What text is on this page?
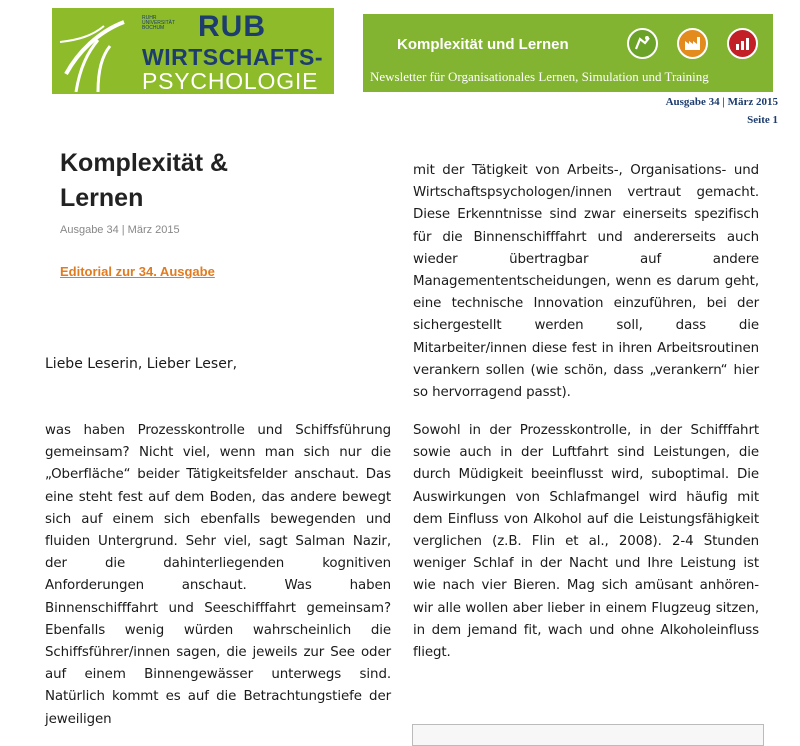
RUHR
UNIVERSITÄT
BOCHUM	RUB
WIRTSCHAFTS-
PSYCHOLOGIE
Komplexität und Lernen
Newsletter für Organisationales Lernen, Simulation und Training
Ausgabe 34 | März 2015
Seite 1
Komplexität &
Lernen
Ausgabe 34 | März 2015
Editorial zur 34. Ausgabe
Liebe Leserin, Lieber Leser,
mit der Tätigkeit von Arbeits-, Organisations- und Wirtschaftspsychologen/innen vertraut gemacht. Diese Erkenntnisse sind zwar einerseits spezifisch für die Binnenschifffahrt und andererseits auch wieder übertragbar auf andere Managemententscheidungen, wenn es darum geht, eine technische Innovation einzuführen, bei der sichergestellt werden soll, dass die Mitarbeiter/innen diese fest in ihren Arbeitsroutinen verankern sollen (wie schön, dass „verankern“ hier so hervorragend passt).
was haben Prozesskontrolle und Schiffsführung gemeinsam? Nicht viel, wenn man sich nur die „Oberfläche“ beider Tätigkeitsfelder anschaut. Das eine steht fest auf dem Boden, das andere bewegt sich auf einem sich ebenfalls bewegenden und fluiden Untergrund. Sehr viel, sagt Salman Nazir, der die dahinterliegenden kognitiven Anforderungen anschaut. Was haben Binnenschifffahrt und Seeschifffahrt gemeinsam? Ebenfalls wenig würden wahrscheinlich die Schiffsführer/innen sagen, die jeweils zur See oder auf einem Binnengewässer unterwegs sind. Natürlich kommt es auf die Betrachtungstiefe der jeweiligen
Sowohl in der Prozesskontrolle, in der Schifffahrt sowie auch in der Luftfahrt sind Leistungen, die durch Müdigkeit beeinflusst wird, suboptimal. Die Auswirkungen von Schlafmangel wird häufig mit dem Einfluss von Alkohol auf die Leistungsfähigkeit verglichen (z.B. Flin et al., 2008). 2-4 Stunden weniger Schlaf in der Nacht und Ihre Leistung ist wie nach vier Bieren. Mag sich amüsant anhören- wir alle wollen aber lieber in einem Flugzeug sitzen, in dem jemand fit, wach und ohne Alkoholeinfluss fliegt.
